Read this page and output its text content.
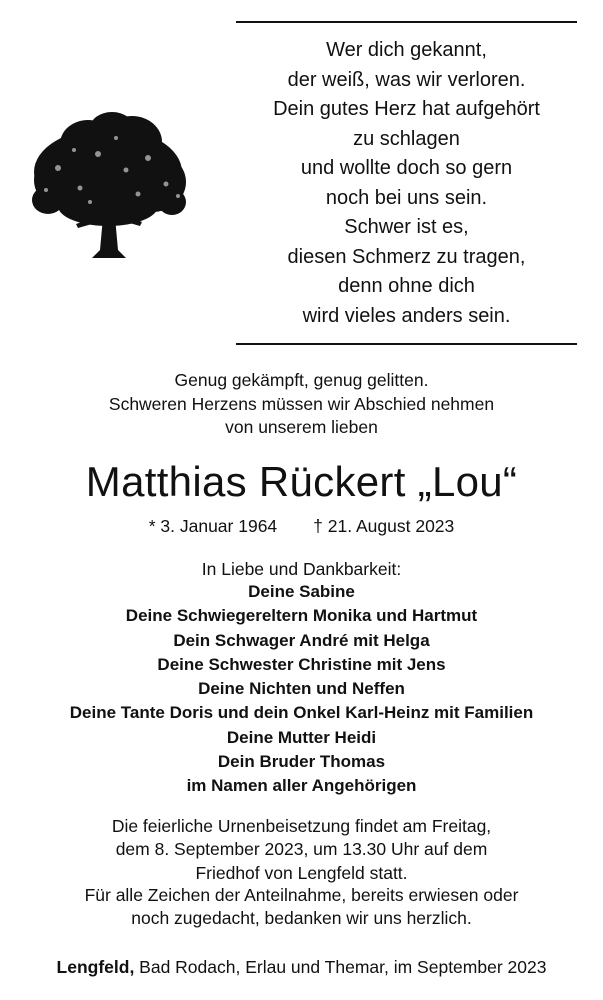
Wer dich gekannt,
der weiß, was wir verloren.
Dein gutes Herz hat aufgehört
zu schlagen
und wollte doch so gern
noch bei uns sein.
Schwer ist es,
diesen Schmerz zu tragen,
denn ohne dich
wird vieles anders sein.
Genug gekämpft, genug gelitten.
Schweren Herzens müssen wir Abschied nehmen
von unserem lieben
Matthias Rückert „Lou“
* 3. Januar 1964 † 21. August 2023
In Liebe und Dankbarkeit:
Deine Sabine
Deine Schwiegereltern Monika und Hartmut
Dein Schwager André mit Helga
Deine Schwester Christine mit Jens
Deine Nichten und Neffen
Deine Tante Doris und dein Onkel Karl-Heinz mit Familien
Deine Mutter Heidi
Dein Bruder Thomas
im Namen aller Angehörigen
Die feierliche Urnenbeisetzung findet am Freitag,
dem 8. September 2023, um 13.30 Uhr auf dem
Friedhof von Lengfeld statt.
Für alle Zeichen der Anteilnahme, bereits erwiesen oder
noch zugedacht, bedanken wir uns herzlich.
Lengfeld, Bad Rodach, Erlau und Themar, im September 2023
